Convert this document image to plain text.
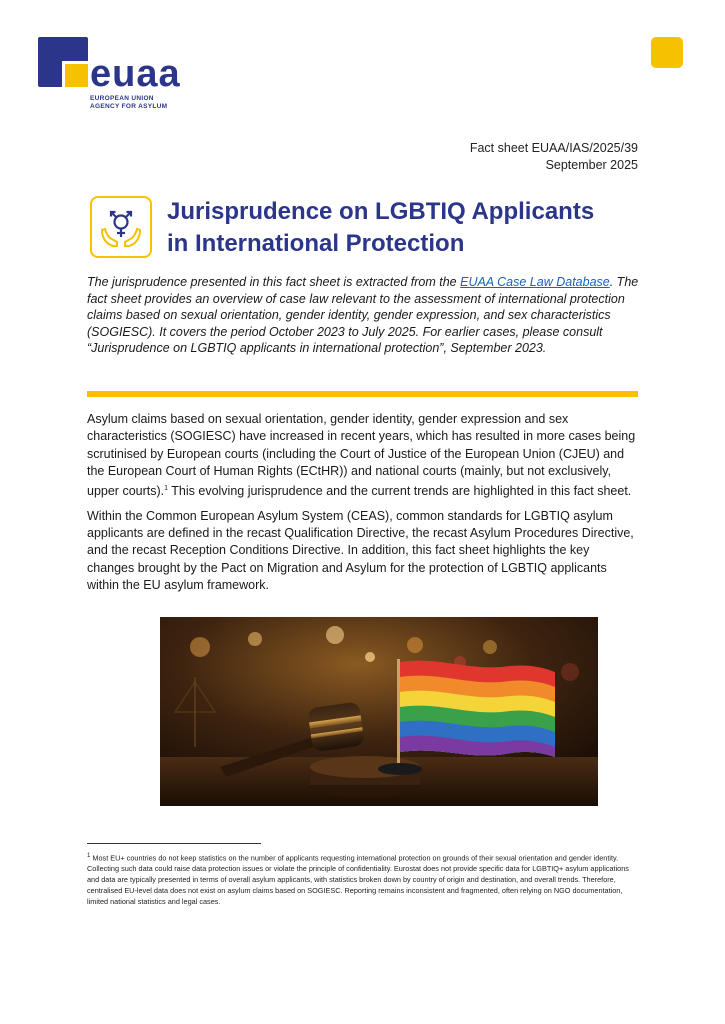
euaa
EUROPEAN UNION
AGENCY FOR ASYLUM
Fact sheet EUAA/IAS/2025/39
September 2025
Jurisprudence on LGBTIQ Applicants
in International Protection
The jurisprudence presented in this fact sheet is extracted from the EUAA Case Law Database. The fact sheet provides an overview of case law relevant to the assessment of international protection claims based on sexual orientation, gender identity, gender expression, and sex characteristics (SOGIESC). It covers the period October 2023 to July 2025. For earlier cases, please consult “Jurisprudence on LGBTIQ applicants in international protection”, September 2023.

Asylum claims based on sexual orientation, gender identity, gender expression and sex characteristics (SOGIESC) have increased in recent years, which has resulted in more cases being scrutinised by European courts (including the Court of Justice of the European Union (CJEU) and the European Court of Human Rights (ECtHR)) and national courts (mainly, but not exclusively, upper courts).$^1$ This evolving jurisprudence and the current trends are highlighted in this fact sheet.

Within the Common European Asylum System (CEAS), common standards for LGBTIQ asylum applicants are defined in the recast Qualification Directive, the recast Asylum Procedures Directive, and the recast Reception Conditions Directive. In addition, this fact sheet highlights the key changes brought by the Pact on Migration and Asylum for the protection of LGBTIQ applicants within the EU asylum framework.

$^1$ Most EU+ countries do not keep statistics on the number of applicants requesting international protection on grounds of their sexual orientation and gender identity. Collecting such data could raise data protection issues or violate the principle of confidentiality. Eurostat does not provide specific data for LGBTIQ+ asylum applications and data are typically presented in terms of overall asylum applicants, with statistics broken down by country of origin and destination, and overall trends. Therefore, centralised EU-level data does not exist on asylum claims based on SOGIESC. Reporting remains inconsistent and fragmented, often relying on NGO documentation, limited national statistics and legal cases.
